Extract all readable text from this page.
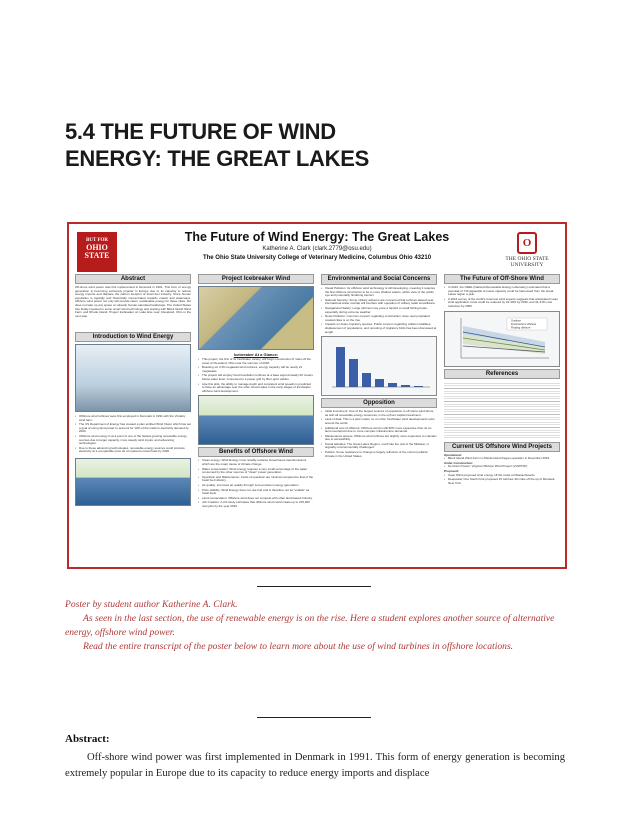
5.4 THE FUTURE OF WIND
ENERGY: THE GREAT LAKES
BUT FOR
OHIO
STATE
O
THE OHIO STATE UNIVERSITY
The Future of Wind Energy: The Great Lakes
Katherine A. Clark (clark.2779@osu.edu)
The Ohio State University College of Veterinary Medicine, Columbus Ohio 43210
Abstract
Off-shore wind power was first implemented in Denmark in 1991. This form of energy generation is becoming extremely popular in Europe due to its capacity to reduce energy imports and displace the carbon footprint of fossil fuel industry. Since human population is logically and historically concentrated towards coasts and waterways, offshore wind power not only will provide clean, sustainable energy for these cities, but does not take up any space on already human-saturated landscape. The United States has finally invested in some smart wind technology and starting with Block Island Wind Farm and Rhode Island. Project Icebreaker on Lake Erie near Cleveland, Ohio is the next step.
Introduction to Wind Energy
• Offshore wind turbines were first employed in Denmark in 1991 with the Vindeby wind farm.
• The US Department of Energy has created a plan entitled Wind Vision which has set a goal of using wind power to account for 10% of the nation's electricity demand by 2020.
• Offshore wind energy is at a point of one of the fastest growing renewable energy sources due to larger capacity, more steady wind inputs, and advancing technologies.
• Due to these advancing technologies, renewable energy sources could produce electricity at a comparable price as compared to fossil fuels by 2020.
Project Icebreaker Wind
Icebreaker At a Glance:
• This project, the first of its freshwater variety, will begin construction 8 miles off the coast of Cleveland, Ohio near the summer of 2018.
• Boasting six 3.45 megawatt wind turbines, energy capacity will be nearly 21 megawatts.
• The project will employ fixed foundation turbines at a base approximately 60 meters below water level, connected to a power grid by fiber-optic cables.
• Like this pilot, the ability to manage depth and consistent wind speeds is predicted to have an advantage over the other Great Lakes in the early stages of freshwater offshore wind development.
Benefits of Offshore Wind
• Clean energy: Wind Energy most notably reduces Greenhouse Gas Emissions which are the major cause of climate change.
• Water conservation: Wind energy requires a very small percentage of the water consumed by the other sources of "clean" power generation.
• Operation and Maintenance: Costs of operation are minimal compared to that of the fossil fuel industry.
• Air quality: Improves air quality through zero-emission energy generation.
• Price stability: Wind Energy does not use fuel and is therefore not as "volatile" as fossil fuels.
• Land conservation: Offshore wind does not compete with other land-based industry.
• Job Creation: A US study estimates that offshore wind could create up to 215,000 new jobs by the year 2030.
Environmental and Social Concerns
• Visual Pollution: Its offshore wind technology is still developing, meaning it requires the first offshore wind farms to be in more shallow waters, within view of the public eye and potentially hindering tourism.
• National Security: Some military advisors are concerned that turbines placed near international water overlap will interfere with operation of military radar surveillance.
• Navigational Safety: Large turbines may pose a hazard to small fishing boats, especially during extreme weather.
• Noise Pollution: Common concern regarding construction noise near populated coastal cities is on the rise.
• Impacts on Avian migratory species: Public concern regarding collision fatalities, displacement of populations, and rerouting of migratory birds has been discussed at length.
Opposition
• Initial investment: One of the largest sources of opposition to off shore wind farms, as with all renewable energy resources, is the upfront capital investment.
• Lack of data: This is a pilot model, so no other freshwater wind developments exist around the world.
• Additional cost of offshore: Offshore wind is still 50% more expensive than its on-land counterpart due to more complex infrastructure demands.
• Maintenance access: Offshore wind turbines are slightly more expensive to maintain due to accessibility.
• Social attitudes: The Great Lakes Region, much like the rest of the Midwest, is arguably environmentally challenged.
• Politics: Some resistance to change is largely reflective of the current political climate in the United States.
The Future of Off-Shore Wind
• In 2016, the NREL (National Renewable Energy Laboratory) estimated that a potential of 740 gigawatts of power capacity could be harnessed from the Great Lakes region a year.
• A 2016 survey of the world's foremost wind experts suggests that anticipated mean wind application costs could be reduced by 24-30% by 2030, and 31-41% cost reduction by 2050.
Onshore
Fixed-bottom offshore
Floating offshore
References
Current US Offshore Wind Projects
Operational:
• Block Island Wind Farm in Rhode Island began operation in December 2016.
Under Construction:
• Dominion Power: Virginia Offshore Wind Project (VOWTAP)
Proposed:
• Cape Wind proposed wind energy off the coast of Massachusetts.
• Deepwater One South Fork proposed 15 turbines 30 miles off the tip of Montauk, New York.

Poster by student author Katherine A. Clark.

As seen in the last section, the use of renewable energy is on the rise. Here a student explores another source of alternative energy, offshore wind power.

Read the entire transcript of the poster below to learn more about the use of wind turbines in offshore locations.

Abstract:

Off-shore wind power was first implemented in Denmark in 1991. This form of energy generation is becoming extremely popular in Europe due to its capacity to reduce energy imports and displace
